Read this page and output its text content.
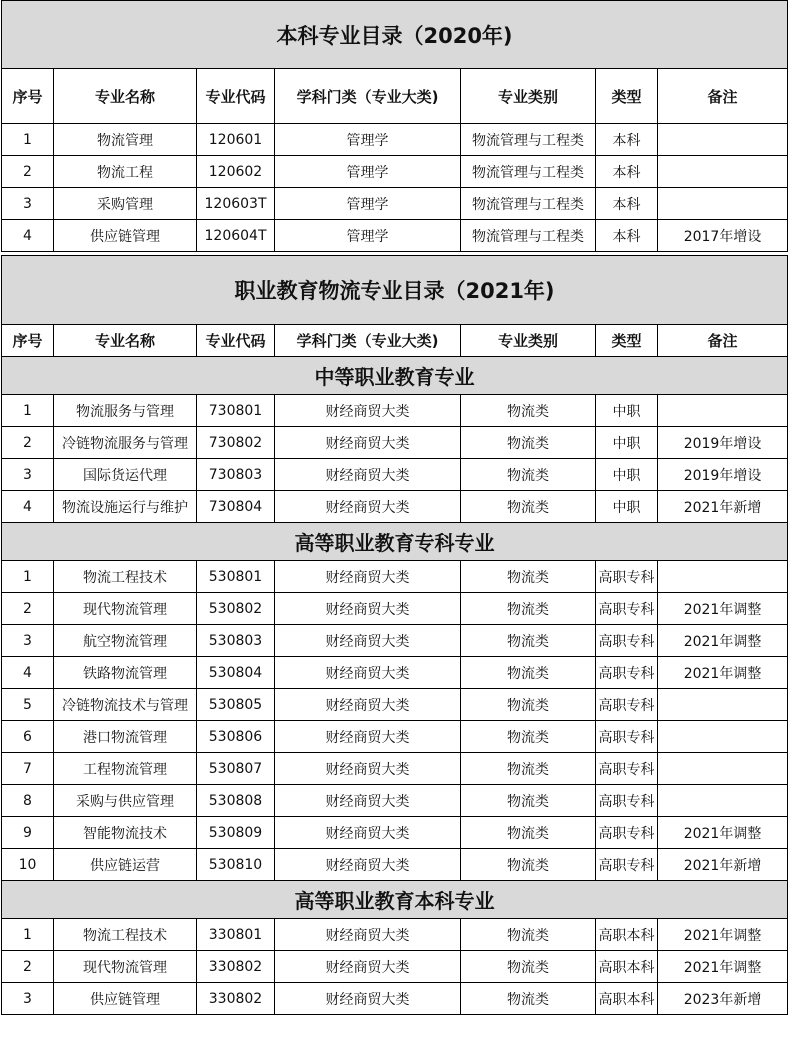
本科专业目录（2020年)						
序号	专业名称	专业代码	学科门类（专业大类)	专业类别	类型	备注
1	物流管理	120601	管理学	物流管理与工程类	本科	
2	物流工程	120602	管理学	物流管理与工程类	本科	
3	采购管理	120603T	管理学	物流管理与工程类	本科	
4	供应链管理	120604T	管理学	物流管理与工程类	本科	2017年增设

职业教育物流专业目录（2021年)						
序号	专业名称	专业代码	学科门类（专业大类)	专业类别	类型	备注
中等职业教育专业						
1	物流服务与管理	730801	财经商贸大类	物流类	中职	
2	冷链物流服务与管理	730802	财经商贸大类	物流类	中职	2019年增设
3	国际货运代理	730803	财经商贸大类	物流类	中职	2019年增设
4	物流设施运行与维护	730804	财经商贸大类	物流类	中职	2021年新增
高等职业教育专科专业						
1	物流工程技术	530801	财经商贸大类	物流类	高职专科	
2	现代物流管理	530802	财经商贸大类	物流类	高职专科	2021年调整
3	航空物流管理	530803	财经商贸大类	物流类	高职专科	2021年调整
4	铁路物流管理	530804	财经商贸大类	物流类	高职专科	2021年调整
5	冷链物流技术与管理	530805	财经商贸大类	物流类	高职专科	
6	港口物流管理	530806	财经商贸大类	物流类	高职专科	
7	工程物流管理	530807	财经商贸大类	物流类	高职专科	
8	采购与供应管理	530808	财经商贸大类	物流类	高职专科	
9	智能物流技术	530809	财经商贸大类	物流类	高职专科	2021年调整
10	供应链运营	530810	财经商贸大类	物流类	高职专科	2021年新增
高等职业教育本科专业						
1	物流工程技术	330801	财经商贸大类	物流类	高职本科	2021年调整
2	现代物流管理	330802	财经商贸大类	物流类	高职本科	2021年调整
3	供应链管理	330802	财经商贸大类	物流类	高职本科	2023年新增
